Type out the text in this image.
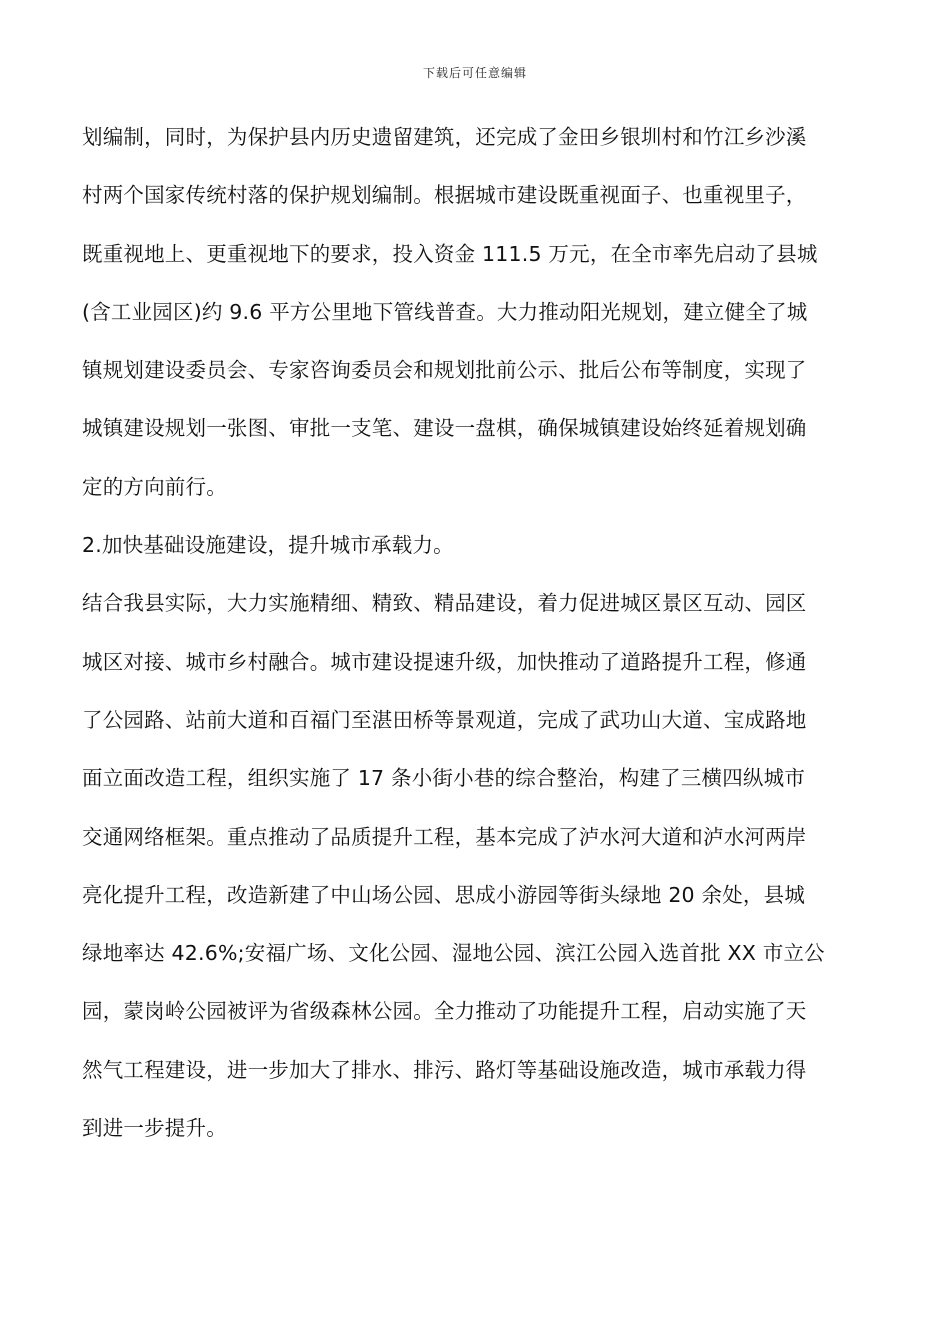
下载后可任意编辑
划编制，同时，为保护县内历史遗留建筑，还完成了金田乡银圳村和竹江乡沙溪
村两个国家传统村落的保护规划编制。根据城市建设既重视面子、也重视里子，
既重视地上、更重视地下的要求，投入资金 111.5 万元，在全市率先启动了县城
(含工业园区)约 9.6 平方公里地下管线普查。大力推动阳光规划，建立健全了城
镇规划建设委员会、专家咨询委员会和规划批前公示、批后公布等制度，实现了
城镇建设规划一张图、审批一支笔、建设一盘棋，确保城镇建设始终延着规划确
定的方向前行。
2.加快基础设施建设，提升城市承载力。
结合我县实际，大力实施精细、精致、精品建设，着力促进城区景区互动、园区
城区对接、城市乡村融合。城市建设提速升级，加快推动了道路提升工程，修通
了公园路、站前大道和百福门至湛田桥等景观道，完成了武功山大道、宝成路地
面立面改造工程，组织实施了 17 条小街小巷的综合整治，构建了三横四纵城市
交通网络框架。重点推动了品质提升工程，基本完成了泸水河大道和泸水河两岸
亮化提升工程，改造新建了中山场公园、思成小游园等街头绿地 20 余处，县城
绿地率达 42.6%;安福广场、文化公园、湿地公园、滨江公园入选首批 XX 市立公
园，蒙岗岭公园被评为省级森林公园。全力推动了功能提升工程，启动实施了天
然气工程建设，进一步加大了排水、排污、路灯等基础设施改造，城市承载力得
到进一步提升。
